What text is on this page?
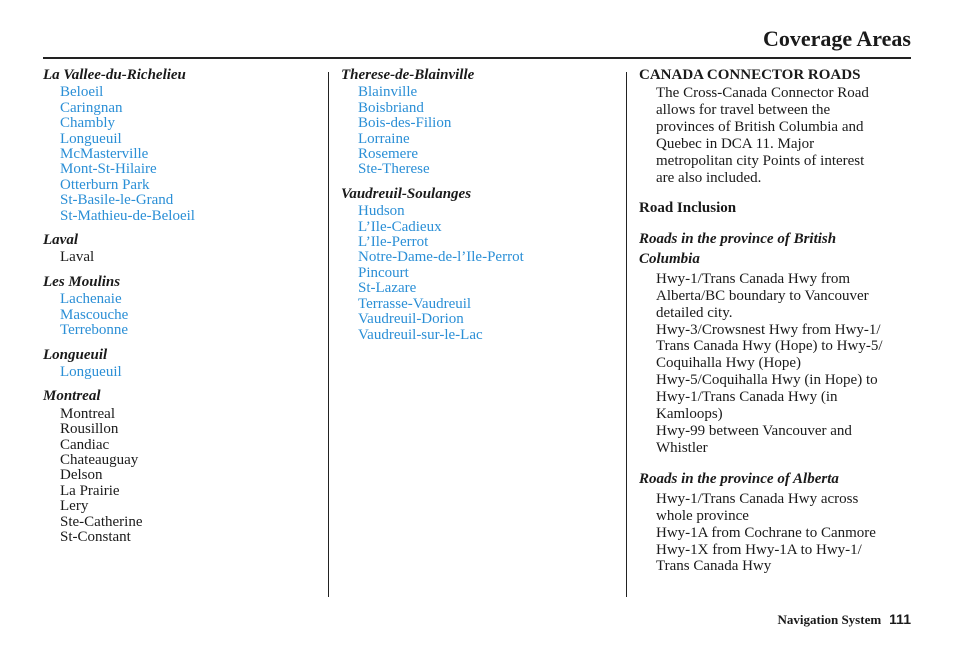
Coverage Areas

La Vallee-du-Richelieu

Beloeil
Caringnan
Chambly
Longueuil
McMasterville
Mont-St-Hilaire
Otterburn Park
St-Basile-le-Grand
St-Mathieu-de-Beloeil

Laval

Laval

Les Moulins

Lachenaie
Mascouche
Terrebonne

Longueuil

Longueuil

Montreal

Montreal
Rousillon
Candiac
Chateauguay
Delson
La Prairie
Lery
Ste-Catherine
St-Constant

Therese-de-Blainville

Blainville
Boisbriand
Bois-des-Filion
Lorraine
Rosemere
Ste-Therese

Vaudreuil-Soulanges

Hudson
L’Ile-Cadieux
L’Ile-Perrot
Notre-Dame-de-l’Ile-Perrot
Pincourt
St-Lazare
Terrasse-Vaudreuil
Vaudreuil-Dorion
Vaudreuil-sur-le-Lac

CANADA CONNECTOR ROADS

The Cross-Canada Connector Road
allows for travel between the
provinces of British Columbia and
Quebec in DCA 11. Major
metropolitan city Points of interest
are also included.

Road Inclusion

Roads in the province of British Columbia

Hwy-1/Trans Canada Hwy from
Alberta/BC boundary to Vancouver
detailed city.
Hwy-3/Crowsnest Hwy from Hwy-1/
Trans Canada Hwy (Hope) to Hwy-5/
Coquihalla Hwy (Hope)
Hwy-5/Coquihalla Hwy (in Hope) to
Hwy-1/Trans Canada Hwy (in
Kamloops)
Hwy-99 between Vancouver and
Whistler

Roads in the province of Alberta

Hwy-1/Trans Canada Hwy across
whole province
Hwy-1A from Cochrane to Canmore
Hwy-1X from Hwy-1A to Hwy-1/
Trans Canada Hwy
Navigation System 111
